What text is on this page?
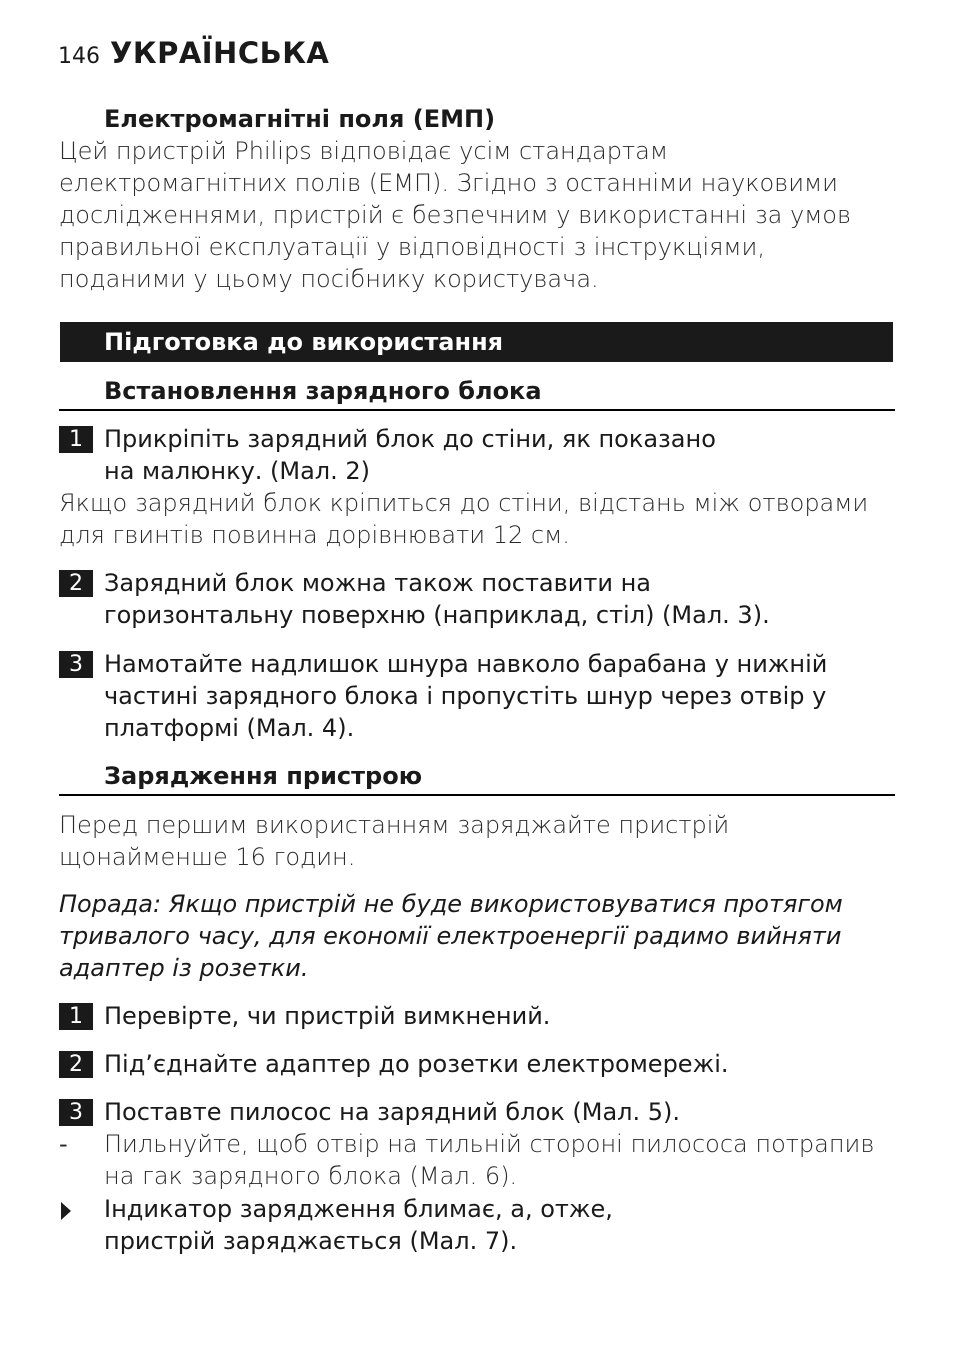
146 УКРАЇНСЬКА
Електромагнітні поля (ЕМП)
Цей пристрій Philips відповідає усім стандартам електромагнітних полів (ЕМП). Згідно з останніми науковими дослідженнями, пристрій є безпечним у використанні за умов правильної експлуатації у відповідності з інструкціями, поданими у цьому посібнику користувача.
Підготовка до використання
Встановлення зарядного блока
1 Прикріпіть зарядний блок до стіни, як показано на малюнку. (Мал. 2)
Якщо зарядний блок кріпиться до стіни, відстань між отворами для гвинтів повинна дорівнювати 12 см.
2 Зарядний блок можна також поставити на горизонтальну поверхню (наприклад, стіл) (Мал. 3).
3 Намотайте надлишок шнура навколо барабана у нижній частині зарядного блока і пропустіть шнур через отвір у платформі (Мал. 4).
Зарядження пристрою
Перед першим використанням заряджайте пристрій щонайменше 16 годин.
Порада: Якщо пристрій не буде використовуватися протягом тривалого часу, для економії електроенергії радимо вийняти адаптер із розетки.
1 Перевірте, чи пристрій вимкнений.
2 Під’єднайте адаптер до розетки електромережі.
3 Поставте пилосос на зарядний блок (Мал. 5).
-	Пильнуйте, щоб отвір на тильній стороні пилососа потрапив на гак зарядного блока (Мал. 6).
Індикатор зарядження блимає, а, отже, пристрій заряджається (Мал. 7).
